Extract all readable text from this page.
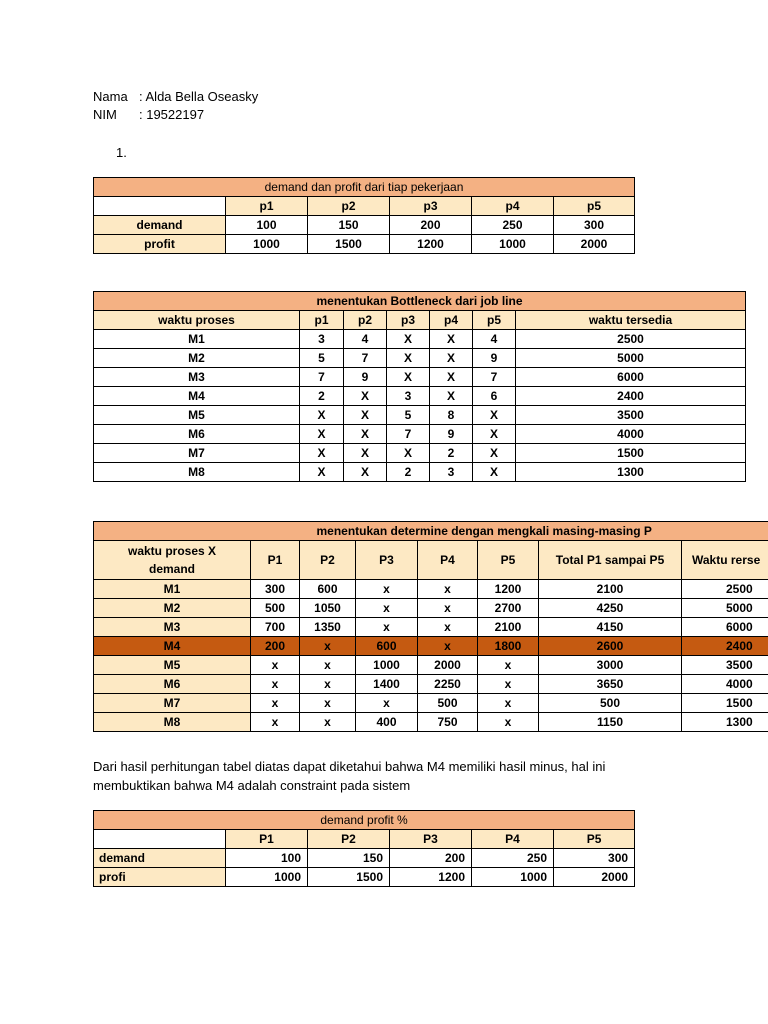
Nama : Alda Bella Oseasky
NIM : 19522197
1.
demand dan profit dari tiap pekerjaan					
	p1	p2	p3	p4	p5
demand	100	150	200	250	300
profit	1000	1500	1200	1000	2000
menentukan Bottleneck dari job line						
waktu proses	p1	p2	p3	p4	p5	waktu tersedia
M1	3	4	X	X	4	2500
M2	5	7	X	X	9	5000
M3	7	9	X	X	7	6000
M4	2	X	3	X	6	2400
M5	X	X	5	8	X	3500
M6	X	X	7	9	X	4000
M7	X	X	X	2	X	1500
M8	X	X	2	3	X	1300
	menentukan determine dengan mengkali masing-masing P						

waktu proses X
demand	P1	P2	P3	P4	P5	Total P1 sampai P5	Waktu rerse
M1	300	600	x	x	1200	2100	2500
M2	500	1050	x	x	2700	4250	5000
M3	700	1350	x	x	2100	4150	6000
M4	200	x	600	x	1800	2600	2400
M5	x	x	1000	2000	x	3000	3500
M6	x	x	1400	2250	x	3650	4000
M7	x	x	x	500	x	500	1500
M8	x	x	400	750	x	1150	1300
Dari hasil perhitungan tabel diatas dapat diketahui bahwa M4 memiliki hasil minus, hal ini
membuktikan bahwa M4 adalah constraint pada sistem
demand profit %					
	P1	P2	P3	P4	P5
demand	100	150	200	250	300
profi	1000	1500	1200	1000	2000
